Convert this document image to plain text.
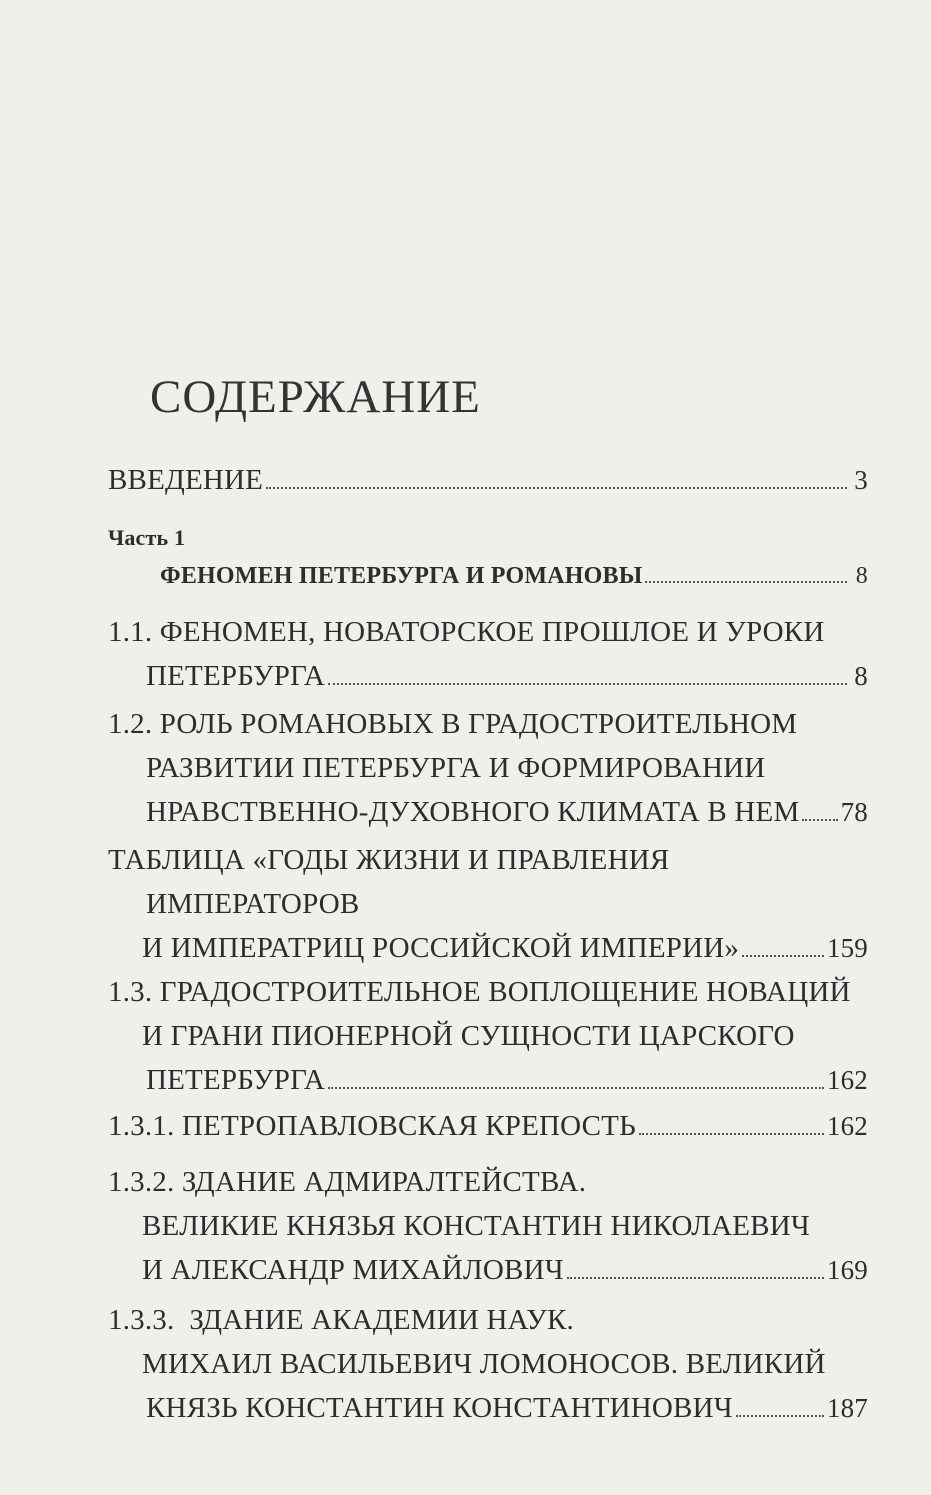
СОДЕРЖАНИЕ
ВВЕДЕНИЕ	3
Часть 1
ФЕНОМЕН ПЕТЕРБУРГА И РОМАНОВЫ	8
1.1. ФЕНОМЕН, НОВАТОРСКОЕ ПРОШЛОЕ И УРОКИ
ПЕТЕРБУРГА	8
1.2. РОЛЬ РОМАНОВЫХ В ГРАДОСТРОИТЕЛЬНОМ
РАЗВИТИИ ПЕТЕРБУРГА И ФОРМИРОВАНИИ
НРАВСТВЕННО-ДУХОВНОГО КЛИМАТА В НЕМ 78
ТАБЛИЦА «ГОДЫ ЖИЗНИ И ПРАВЛЕНИЯ
ИМПЕРАТОРОВ
И ИМПЕРАТРИЦ РОССИЙСКОЙ ИМПЕРИИ»	159
1.3. ГРАДОСТРОИТЕЛЬНОЕ ВОПЛОЩЕНИЕ НОВАЦИЙ
И ГРАНИ ПИОНЕРНОЙ СУЩНОСТИ ЦАРСКОГО
ПЕТЕРБУРГА	162
1.3.1. ПЕТРОПАВЛОВСКАЯ КРЕПОСТЬ	162
1.3.2. ЗДАНИЕ АДМИРАЛТЕЙСТВА.
ВЕЛИКИЕ КНЯЗЬЯ КОНСТАНТИН НИКОЛАЕВИЧ
И АЛЕКСАНДР МИХАЙЛОВИЧ	169
1.3.3.  ЗДАНИЕ АКАДЕМИИ НАУК.
МИХАИЛ ВАСИЛЬЕВИЧ ЛОМОНОСОВ. ВЕЛИКИЙ
КНЯЗЬ КОНСТАНТИН КОНСТАНТИНОВИЧ	187
